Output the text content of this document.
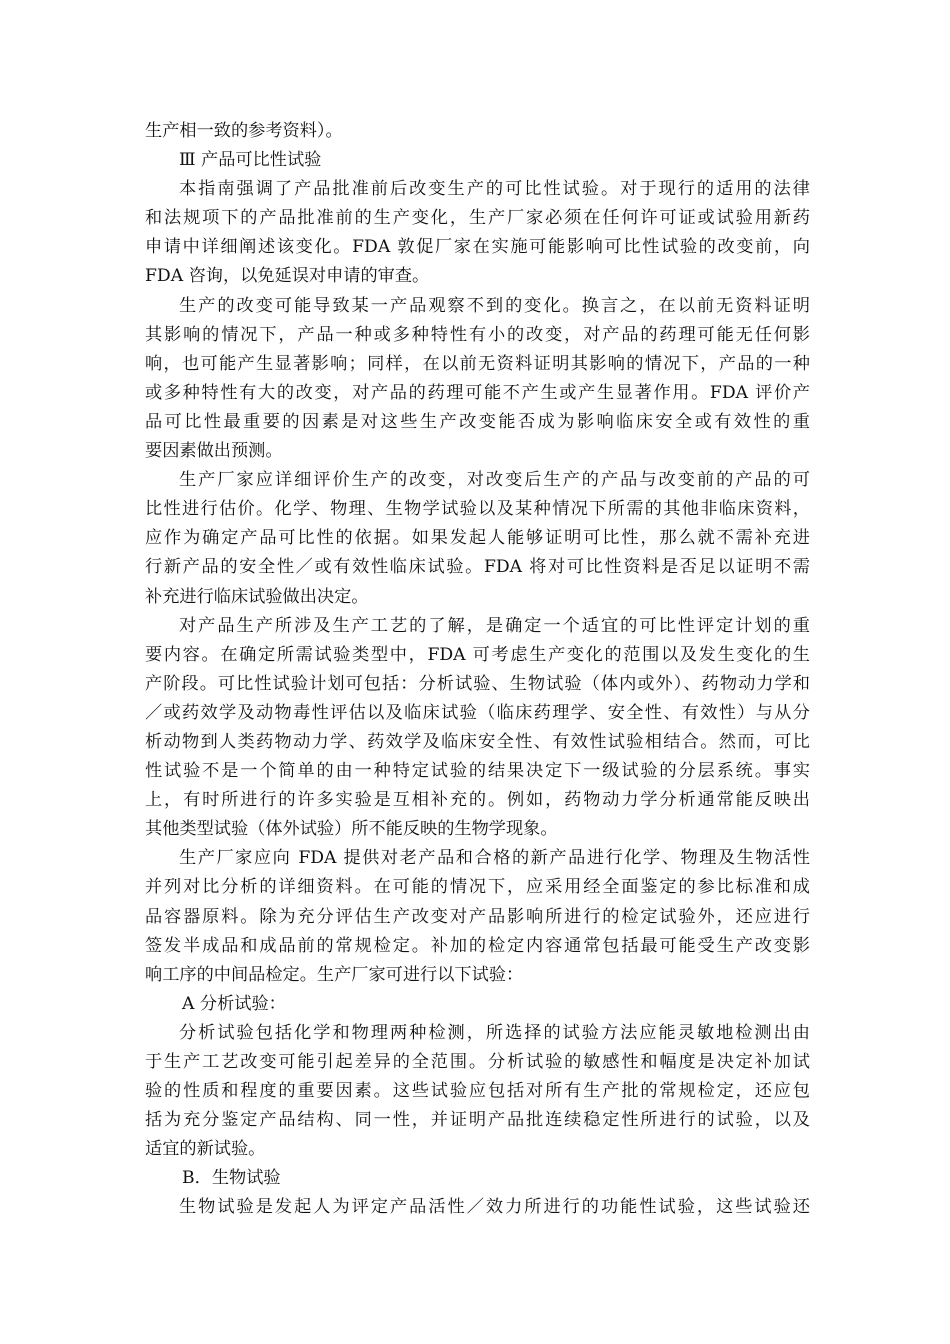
生产相一致的参考资料）。
Ⅲ 产品可比性试验
本指南强调了产品批准前后改变生产的可比性试验。对于现行的适用的法律
和法规项下的产品批准前的生产变化，生产厂家必须在任何许可证或试验用新药
申请中详细阐述该变化。FDA 敦促厂家在实施可能影响可比性试验的改变前，向
FDA 咨询，以免延误对申请的审查。
生产的改变可能导致某一产品观察不到的变化。换言之，在以前无资料证明
其影响的情况下，产品一种或多种特性有小的改变，对产品的药理可能无任何影
响，也可能产生显著影响；同样，在以前无资料证明其影响的情况下，产品的一种
或多种特性有大的改变，对产品的药理可能不产生或产生显著作用。FDA 评价产
品可比性最重要的因素是对这些生产改变能否成为影响临床安全或有效性的重
要因素做出预测。
生产厂家应详细评价生产的改变，对改变后生产的产品与改变前的产品的可
比性进行估价。化学、物理、生物学试验以及某种情况下所需的其他非临床资料，
应作为确定产品可比性的依据。如果发起人能够证明可比性，那么就不需补充进
行新产品的安全性／或有效性临床试验。FDA 将对可比性资料是否足以证明不需
补充进行临床试验做出决定。
对产品生产所涉及生产工艺的了解，是确定一个适宜的可比性评定计划的重
要内容。在确定所需试验类型中，FDA 可考虑生产变化的范围以及发生变化的生
产阶段。可比性试验计划可包括：分析试验、生物试验（体内或外）、药物动力学和
／或药效学及动物毒性评估以及临床试验（临床药理学、安全性、有效性）与从分
析动物到人类药物动力学、药效学及临床安全性、有效性试验相结合。然而，可比
性试验不是一个简单的由一种特定试验的结果决定下一级试验的分层系统。事实
上，有时所进行的许多实验是互相补充的。例如，药物动力学分析通常能反映出
其他类型试验（体外试验）所不能反映的生物学现象。
生产厂家应向 FDA 提供对老产品和合格的新产品进行化学、物理及生物活性
并列对比分析的详细资料。在可能的情况下，应采用经全面鉴定的参比标准和成
品容器原料。除为充分评估生产改变对产品影响所进行的检定试验外，还应进行
签发半成品和成品前的常规检定。补加的检定内容通常包括最可能受生产改变影
响工序的中间品检定。生产厂家可进行以下试验：
A 分析试验：
分析试验包括化学和物理两种检测，所选择的试验方法应能灵敏地检测出由
于生产工艺改变可能引起差异的全范围。分析试验的敏感性和幅度是决定补加试
验的性质和程度的重要因素。这些试验应包括对所有生产批的常规检定，还应包
括为充分鉴定产品结构、同一性，并证明产品批连续稳定性所进行的试验，以及
适宜的新试验。
B．生物试验
生物试验是发起人为评定产品活性／效力所进行的功能性试验，这些试验还
